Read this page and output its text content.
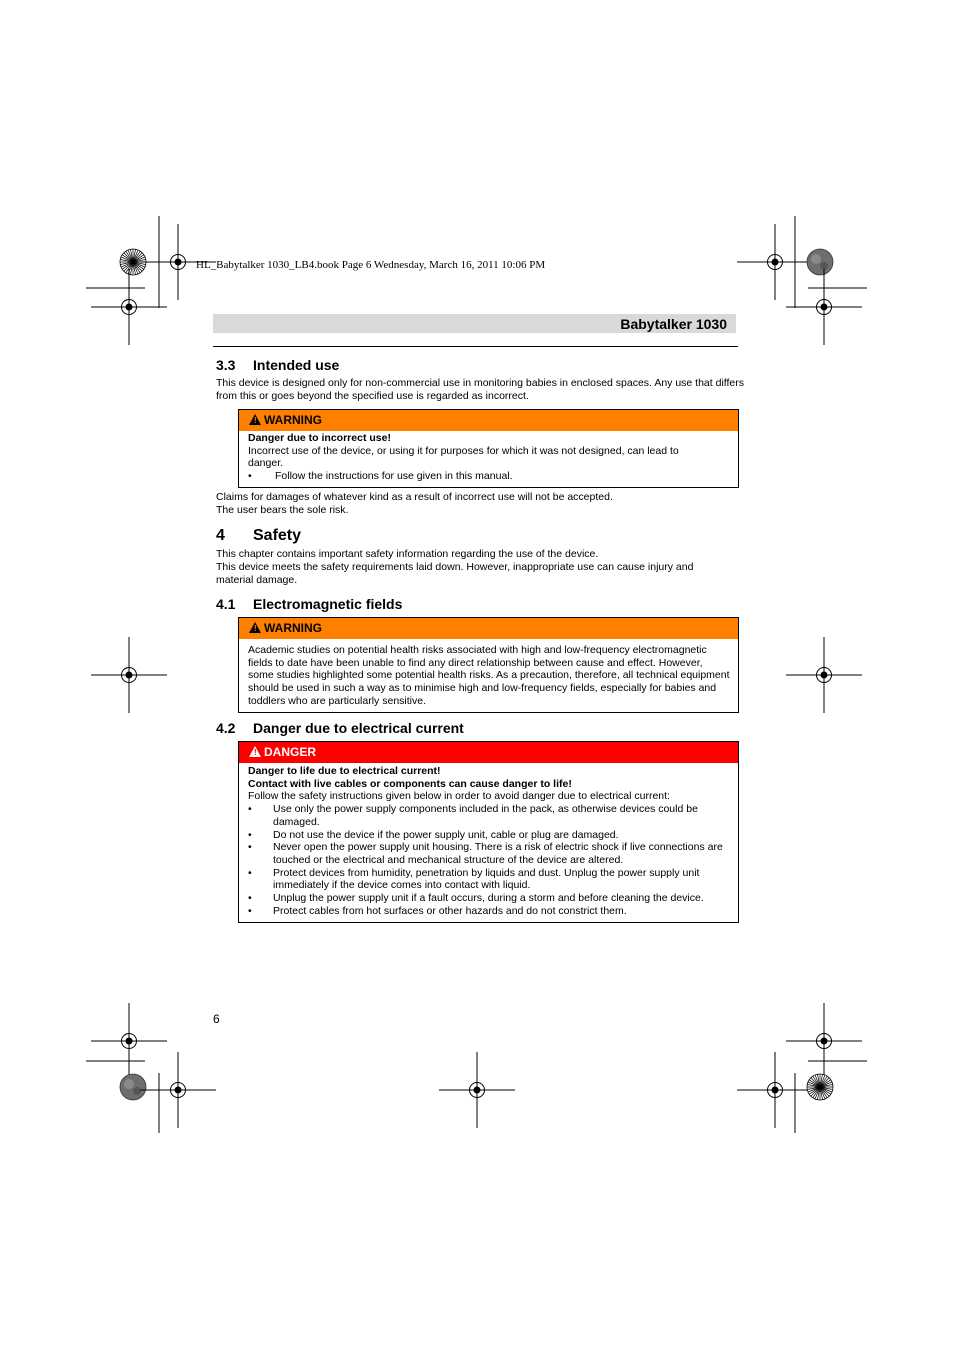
HL_Babytalker 1030_LB4.book Page 6 Wednesday, March 16, 2011 10:06 PM
Babytalker 1030
3.3 Intended use
This device is designed only for non-commercial use in monitoring babies in enclosed spaces. Any use that differs from this or goes beyond the specified use is regarded as incorrect.
! WARNING
Danger due to incorrect use!
Incorrect use of the device, or using it for purposes for which it was not designed, can lead to danger.
• Follow the instructions for use given in this manual.
Claims for damages of whatever kind as a result of incorrect use will not be accepted.
The user bears the sole risk.
4 Safety
This chapter contains important safety information regarding the use of the device.
This device meets the safety requirements laid down. However, inappropriate use can cause injury and material damage.
4.1 Electromagnetic fields
! WARNING
Academic studies on potential health risks associated with high and low-frequency electromagnetic fields to date have been unable to find any direct relationship between cause and effect. However, some studies highlighted some potential health risks. As a precaution, therefore, all technical equipment should be used in such a way as to minimise high and low-frequency fields, especially for babies and toddlers who are particularly sensitive.
4.2 Danger due to electrical current
! DANGER
Danger to life due to electrical current!
Contact with live cables or components can cause danger to life!
Follow the safety instructions given below in order to avoid danger due to electrical current:
• Use only the power supply components included in the pack, as otherwise devices could be damaged.
• Do not use the device if the power supply unit, cable or plug are damaged.
• Never open the power supply unit housing. There is a risk of electric shock if live connections are touched or the electrical and mechanical structure of the device are altered.
• Protect devices from humidity, penetration by liquids and dust. Unplug the power supply unit immediately if the device comes into contact with liquid.
• Unplug the power supply unit if a fault occurs, during a storm and before cleaning the device.
• Protect cables from hot surfaces or other hazards and do not constrict them.
6
